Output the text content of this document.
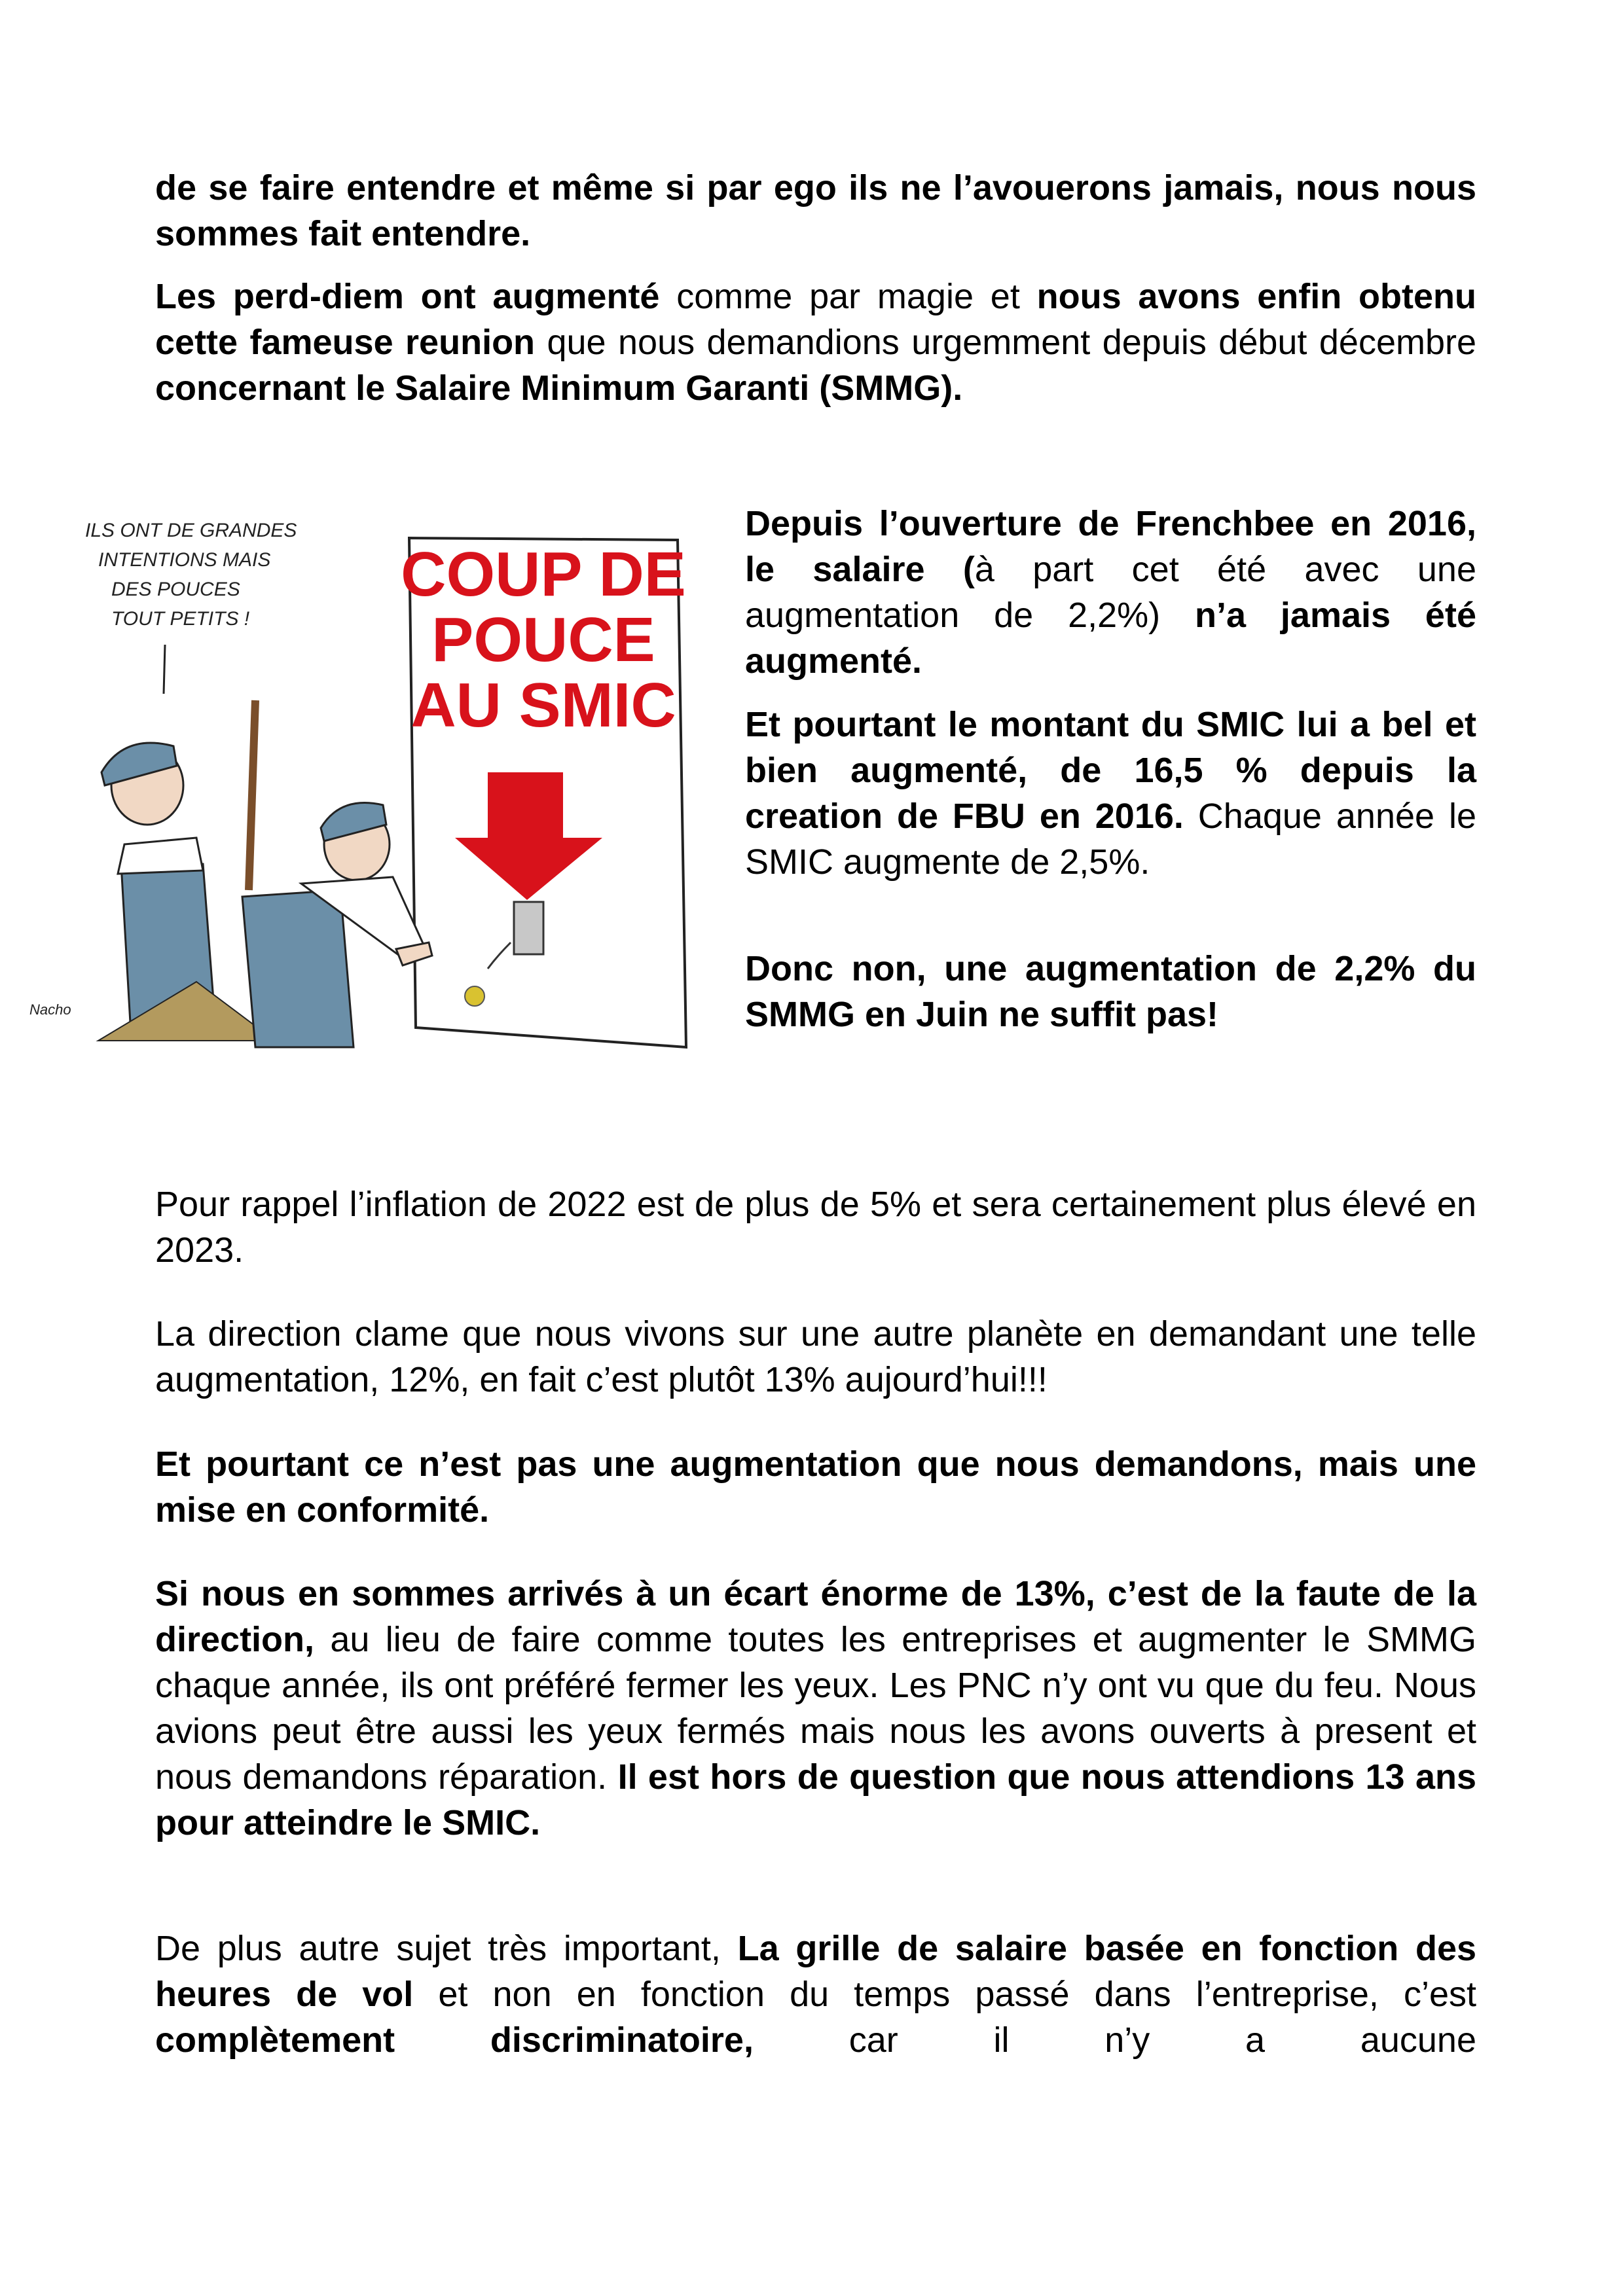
de se faire entendre et même si par ego ils ne l’avouerons jamais, nous nous sommes fait entendre.

Les perd-diem ont augmenté comme par magie et nous avons enfin obtenu cette fameuse reunion que nous demandions urgemment depuis début décembre concernant le Salaire Minimum Garanti (SMMG).

ILS ONT DE GRANDES
INTENTIONS MAIS
DES POUCES
TOUT PETITS !
COUP DE
POUCE
AU SMIC
Nacho

Depuis l’ouverture de Frenchbee en 2016, le salaire (à part cet été avec une augmentation de 2,2%) n’a jamais été augmenté.

Et pourtant le montant du SMIC lui a bel et bien augmenté, de 16,5 % depuis la creation de FBU en 2016. Chaque année le SMIC augmente de 2,5%.

Donc non, une augmentation de 2,2% du SMMG en Juin ne suffit pas!

Pour rappel l’inflation de 2022 est de plus de 5% et sera certainement plus élevé en 2023.

La direction clame que nous vivons sur une autre planète en demandant une telle augmentation, 12%, en fait c’est plutôt 13% aujourd’hui!!!

Et pourtant ce n’est pas une augmentation que nous demandons, mais une mise en conformité.

Si nous en sommes arrivés à un écart énorme de 13%, c’est de la faute de la direction, au lieu de faire comme toutes les entreprises et augmenter le SMMG chaque année, ils ont préféré fermer les yeux. Les PNC n’y ont vu que du feu. Nous avions peut être aussi les yeux fermés mais nous les avons ouverts à present et nous demandons réparation. Il est hors de question que nous attendions 13 ans pour atteindre le SMIC.

De plus autre sujet très important, La grille de salaire basée en fonction des heures de vol et non en fonction du temps passé dans l’entreprise, c’est complètement discriminatoire, car il n’y a aucune
